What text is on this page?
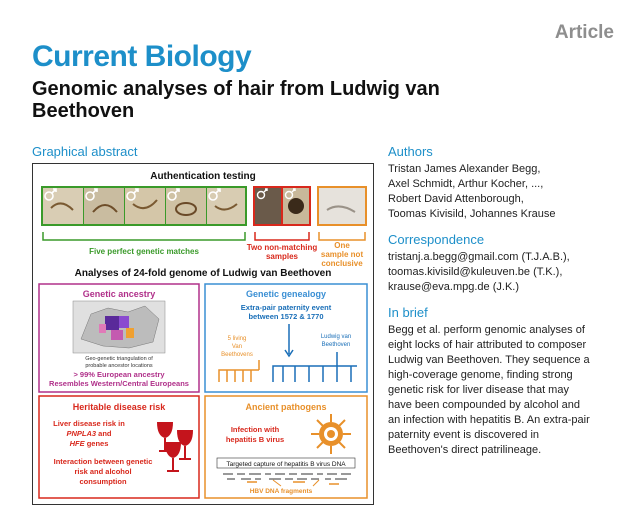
Article
Current Biology
Genomic analyses of hair from Ludwig van Beethoven
Graphical abstract
Authentication testing
Five perfect genetic matches	Two non-matching
samples
One
sample not
conclusive
Analyses of 24-fold genome of Ludwig van Beethoven
Genetic ancestry
Geo-genetic triangulation of
probable ancestor locations
> 99% European ancestry
Resembles Western/Central Europeans
Genetic genealogy
Extra-pair paternity event
between 1572 & 1770
5 living
Van
Beethovens
Ludwig van
Beethoven
Heritable disease risk
Liver disease risk in
PNPLA3 and
HFE genes
Interaction between genetic
risk and alcohol
consumption
Ancient pathogens
Infection with
hepatitis B virus
Targeted capture of hepatitis B virus DNA
HBV DNA fragments
Authors

Tristan James Alexander Begg,

Axel Schmidt, Arthur Kocher, ...,

Robert David Attenborough,

Toomas Kivisild, Johannes Krause

Correspondence

tristanj.a.begg@gmail.com (T.J.A.B.),

toomas.kivisild@kuleuven.be (T.K.),

krause@eva.mpg.de (J.K.)

In brief

Begg et al. perform genomic analyses of

eight locks of hair attributed to composer

Ludwig van Beethoven. They sequence a

high-coverage genome, finding strong

genetic risk for liver disease that may

have been compounded by alcohol and

an infection with hepatitis B. An extra-pair

paternity event is discovered in

Beethoven's direct patrilineage.
